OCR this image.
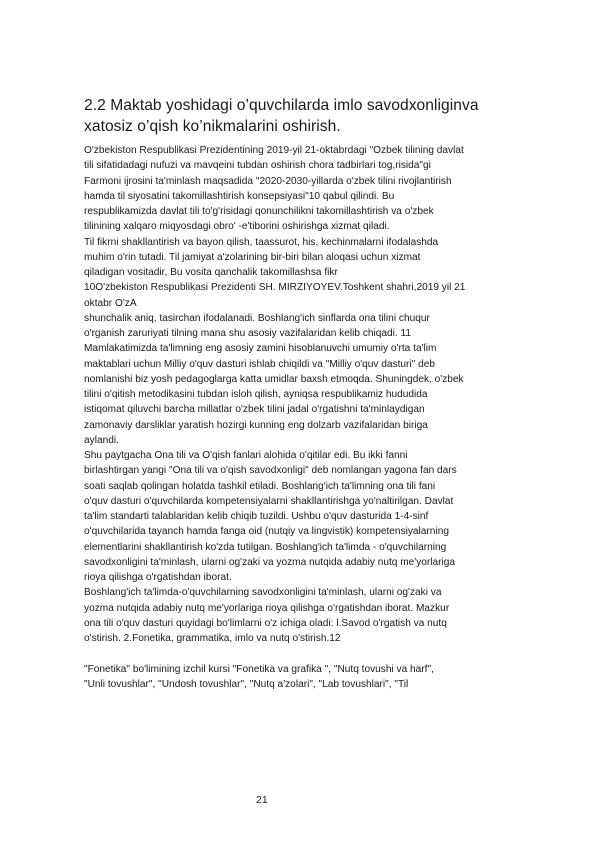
2.2 Maktab yoshidagi o’quvchilarda imlo savodxonliginva
xatosiz o’qish ko’nikmalarini oshirish.

O'zbekiston Respublikasi Prezidentining 2019-yil 21-oktabrdagi "Ozbek tilining davlat

tili sifatidadagi nufuzi va mavqeini tubdan oshirish chora tadbirlari tog,risida"gi

Farmoni ijrosini ta'minlash maqsadida "2020-2030-yillarda o'zbek tilini rivojlantirish

hamda til siyosatini takomillashtirish konsepsiyasi"10 qabul qilindi. Bu

respublikamizda davlat tili to'g'risidagi qonunchilikni takomillashtirish va o'zbek

tilinining xalqaro miqyosdagi obro' -e'tiborini oshirishga xizmat qiladi.

Til fikrni shakllantirish va bayon qilish, taassurot, his, kechinmalarni ifodalashda

muhim o'rin tutadi. Til jamiyat a'zolarining bir-biri bilan aloqasi uchun xizmat

qiladigan vositadir, Bu vosita qanchalik takomillashsa fikr

10O'zbekiston Respublikasi Prezidenti SH. MIRZIYOYEV.Toshkent shahri,2019 yil 21

oktabr O'zA

shunchalik aniq, tasirchan ifodalanadi. Boshlang'ich sinflarda ona tilini chuqur

o'rganish zaruriyati tilning mana shu asosiy vazifalaridan kelib chiqadi. 11

Mamlakatimizda ta'limning eng asosiy zamini hisoblanuvchi umumiy o'rta ta'lim

maktablari uchun Milliy o'quv dasturi ishlab chiqildi va "Milliy o'quv dasturi" deb

nomlanishi biz yosh pedagoglarga katta umidlar baxsh etmoqda. Shuningdek, o'zbek

tilini o'qitish metodikasini tubdan isloh qilish, ayniqsa respublikamiz hududida

istiqomat qiluvchi barcha millatlar o'zbek tilini jadal o'rgatishni ta'minlaydigan

zamonaviy darsliklar yaratish hozirgi kunning eng dolzarb vazifalaridan biriga

aylandi.

Shu paytgacha Ona tili va O'qish fanlari alohida o'qitilar edi. Bu ikki fanni

birlashtirgan yangi "Ona tili va o'qish savodxonligi" deb nomlangan yagona fan dars

soati saqlab qolingan holatda tashkil etiladi. Boshlang'ich ta'limning ona tili fani

o'quv dasturi o'quvchilarda kompetensiyalarni shakllantirishga yo'naltirilgan. Davlat

ta'lim standarti talablaridan kelib chiqib tuzildi. Ushbu o'quv dasturida 1-4-sinf

o'quvchilarida tayanch hamda fanga oid (nutqiy va lingvistik) kompetensiyalarning

elementlarini shakllantirish ko'zda tutilgan. Boshlang'ich ta'limda - o'quvchilarning

savodxonligini ta'minlash, ularni og'zaki va yozma nutqida adabiy nutq me'yorlariga

rioya qilishga o'rgatishdan iborat.

Boshlang'ich ta'limda-o'quvchilarning savodxonligini ta'minlash, ularni og'zaki va

yozma nutqida adabiy nutq me'yorlariga rioya qilishga o'rgatishdan iborat. Mazkur

ona tili o'quv dasturi quyidagi bo'limlarni o'z ichiga oladi: l.Savod o'rgatish va nutq

o'stirish. 2.Fonetika, grammatika, imlo va nutq o'stirish.12

"Fonetika" bo'limining izchil kursi "Fonetika va grafika ", "Nutq tovushi va harf",

"Unli tovushlar", "Undosh tovushlar", "Nutq a'zolari", "Lab tovushlari", "Til

21
